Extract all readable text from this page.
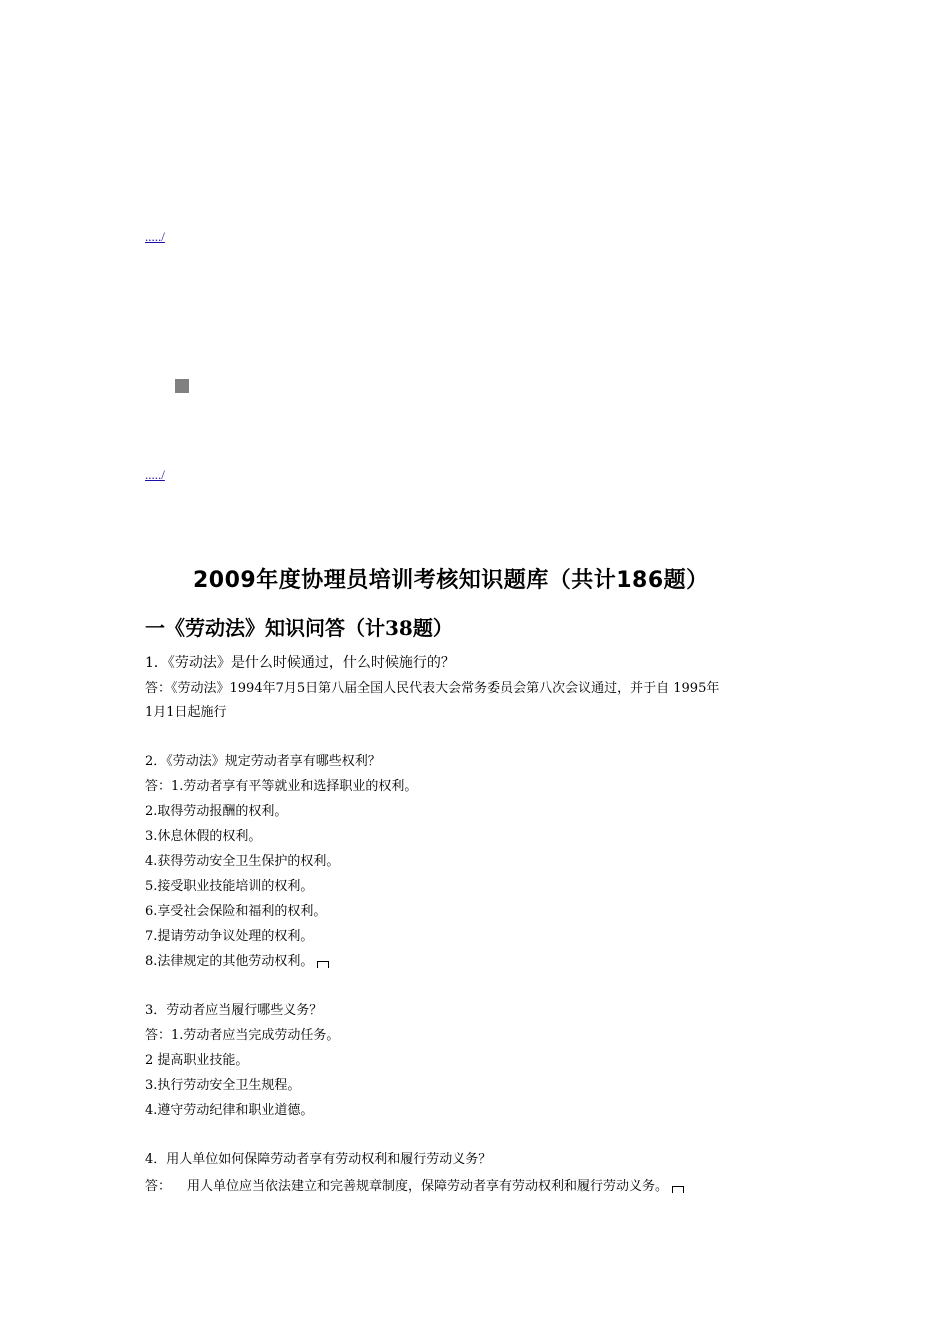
...../
...../
2009年度协理员培训考核知识题库（共计186题）
一《劳动法》知识问答（计38题）
1．《劳动法》是什么时候通过，什么时候施行的？
答：《劳动法》1994年7月5日第八届全国人民代表大会常务委员会第八次会议通过，并于自 1995年
1月1日起施行
2．《劳动法》规定劳动者享有哪些权利？
答：1.劳动者享有平等就业和选择职业的权利。
2.取得劳动报酬的权利。
3.休息休假的权利。
4.获得劳动安全卫生保护的权利。
5.接受职业技能培训的权利。
6.享受社会保险和福利的权利。
7.提请劳动争议处理的权利。
8.法律规定的其他劳动权利。
3．劳动者应当履行哪些义务？
答：1.劳动者应当完成劳动任务。
2 提高职业技能。
3.执行劳动安全卫生规程。
4.遵守劳动纪律和职业道德。
4．用人单位如何保障劳动者享有劳动权利和履行劳动义务？
答： 用人单位应当依法建立和完善规章制度，保障劳动者享有劳动权利和履行劳动义务。
